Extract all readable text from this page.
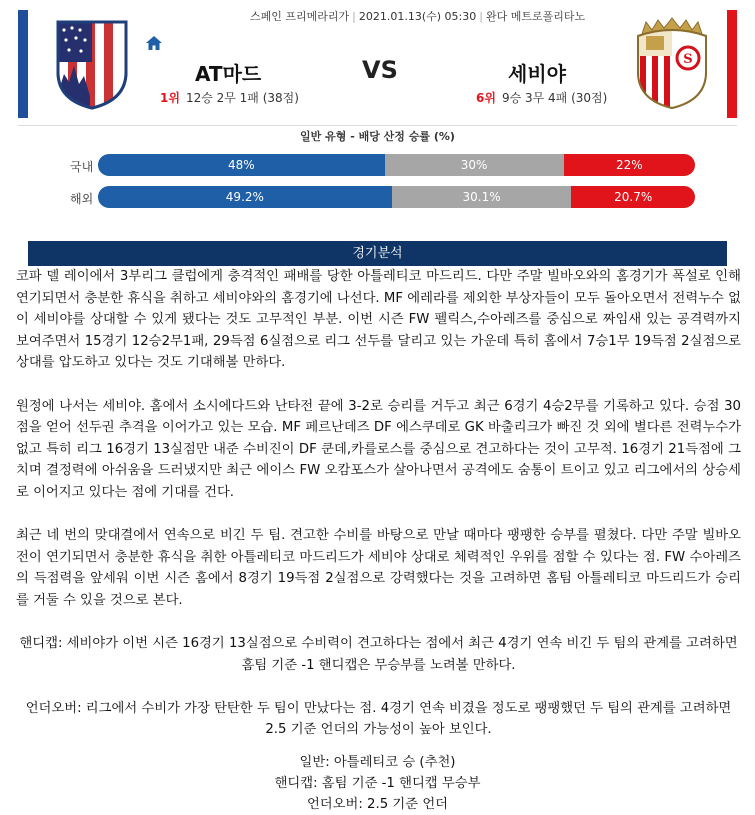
스페인 프리메라리가 | 2021.01.13(수) 05:30 | 완다 메트로폴리타노
AT마드	VS	세비야
1위 12승 2무 1패 (38점)	6위 9승 3무 4패 (30점)
S
일반 유형 - 배당 산정 승률 (%)
국내	48%	30%	22%
해외	49.2%	30.1%	20.7%
경기분석

코파 델 레이에서 3부리그 클럽에게 충격적인 패배를 당한 아틀레티코 마드리드. 다만 주말 빌바오와의 홈경기가 폭설로 인해 연기되면서 충분한 휴식을 취하고 세비야와의 홈경기에 나선다. MF 에레라를 제외한 부상자들이 모두 돌아오면서 전력누수 없이 세비야를 상대할 수 있게 됐다는 것도 고무적인 부분. 이번 시즌 FW 펠릭스,수아레즈를 중심으로 짜임새 있는 공격력까지 보여주면서 15경기 12승2무1패, 29득점 6실점으로 리그 선두를 달리고 있는 가운데 특히 홈에서 7승1무 19득점 2실점으로 상대를 압도하고 있다는 것도 기대해볼 만하다.

원정에 나서는 세비야. 홈에서 소시에다드와 난타전 끝에 3-2로 승리를 거두고 최근 6경기 4승2무를 기록하고 있다. 승점 30점을 얻어 선두권 추격을 이어가고 있는 모습. MF 페르난데즈 DF 에스쿠데로 GK 바출리크가 빠진 것 외에 별다른 전력누수가 없고 특히 리그 16경기 13실점만 내준 수비진이 DF 쿤데,카를로스를 중심으로 견고하다는 것이 고무적. 16경기 21득점에 그치며 결정력에 아쉬움을 드러냈지만 최근 에이스 FW 오캄포스가 살아나면서 공격에도 숨통이 트이고 있고 리그에서의 상승세로 이어지고 있다는 점에 기대를 건다.

최근 네 번의 맞대결에서 연속으로 비긴 두 팀. 견고한 수비를 바탕으로 만날 때마다 팽팽한 승부를 펼쳤다. 다만 주말 빌바오전이 연기되면서 충분한 휴식을 취한 아틀레티코 마드리드가 세비야 상대로 체력적인 우위를 점할 수 있다는 점. FW 수아레즈의 득점력을 앞세워 이번 시즌 홈에서 8경기 19득점 2실점으로 강력했다는 것을 고려하면 홈팀 아틀레티코 마드리드가 승리를 거둘 수 있을 것으로 본다.

핸디캡: 세비야가 이번 시즌 16경기 13실점으로 수비력이 견고하다는 점에서 최근 4경기 연속 비긴 두 팀의 관계를 고려하면 홈팀 기준 -1 핸디캡은 무승부를 노려볼 만하다.

언더오버: 리그에서 수비가 가장 탄탄한 두 팀이 만났다는 점. 4경기 연속 비겼을 정도로 팽팽했던 두 팀의 관계를 고려하면 2.5 기준 언더의 가능성이 높아 보인다.

일반: 아틀레티코 승 (추천)
핸디캡: 홈팀 기준 -1 핸디캡 무승부
언더오버: 2.5 기준 언더
